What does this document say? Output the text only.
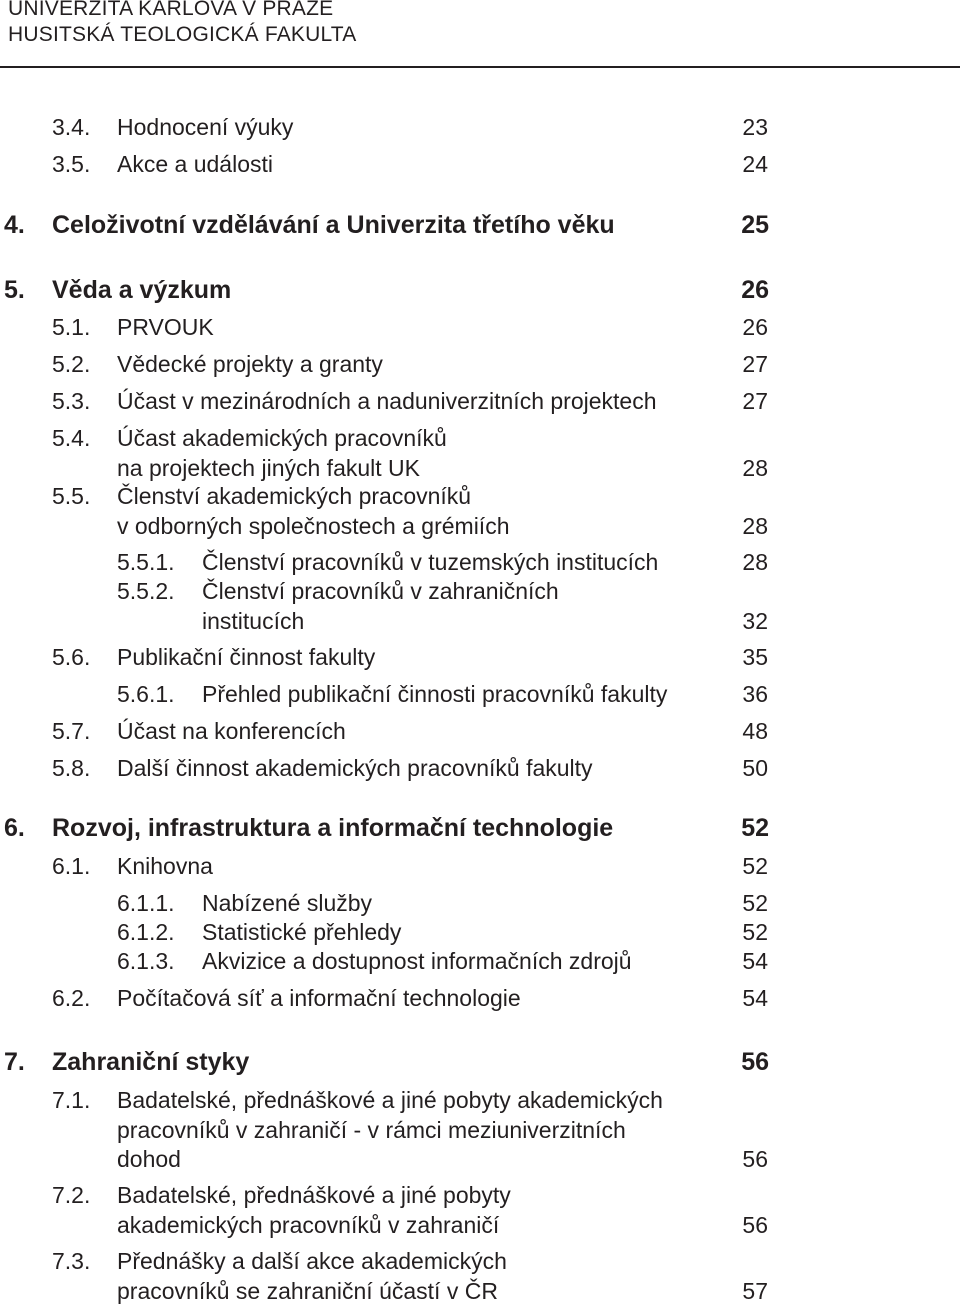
UNIVERZITA KARLOVA V PRAZE
HUSITSKÁ TEOLOGICKÁ FAKULTA
3.4. Hodnocení výuky	23
3.5. Akce a události	24
4. Celoživotní vzdělávání a Univerzita třetího věku	25
5. Věda a výzkum	26
5.1. PRVOUK	26
5.2. Vědecké projekty a granty	27
5.3. Účast v mezinárodních a naduniverzitních projektech	27
5.4. Účast akademických pracovníků
na projektech jiných fakult UK	28
5.5. Členství akademických pracovníků
v odborných společnostech a grémiích	28
5.5.1. Členství pracovníků v tuzemských institucích	28
5.5.2. Členství pracovníků v zahraničních
institucích	32
5.6. Publikační činnost fakulty	35
5.6.1. Přehled publikační činnosti pracovníků fakulty	36
5.7. Účast na konferencích	48
5.8. Další činnost akademických pracovníků fakulty	50
6. Rozvoj, infrastruktura a informační technologie	52
6.1. Knihovna	52
6.1.1. Nabízené služby	52
6.1.2. Statistické přehledy	52
6.1.3. Akvizice a dostupnost informačních zdrojů	54
6.2. Počítačová síť a informační technologie	54
7. Zahraniční styky	56
7.1. Badatelské, přednáškové a jiné pobyty akademických
pracovníků v zahraničí - v rámci meziuniverzitních
dohod	56
7.2. Badatelské, přednáškové a jiné pobyty
akademických pracovníků v zahraničí	56
7.3. Přednášky a další akce akademických
pracovníků se zahraniční účastí v ČR	57
